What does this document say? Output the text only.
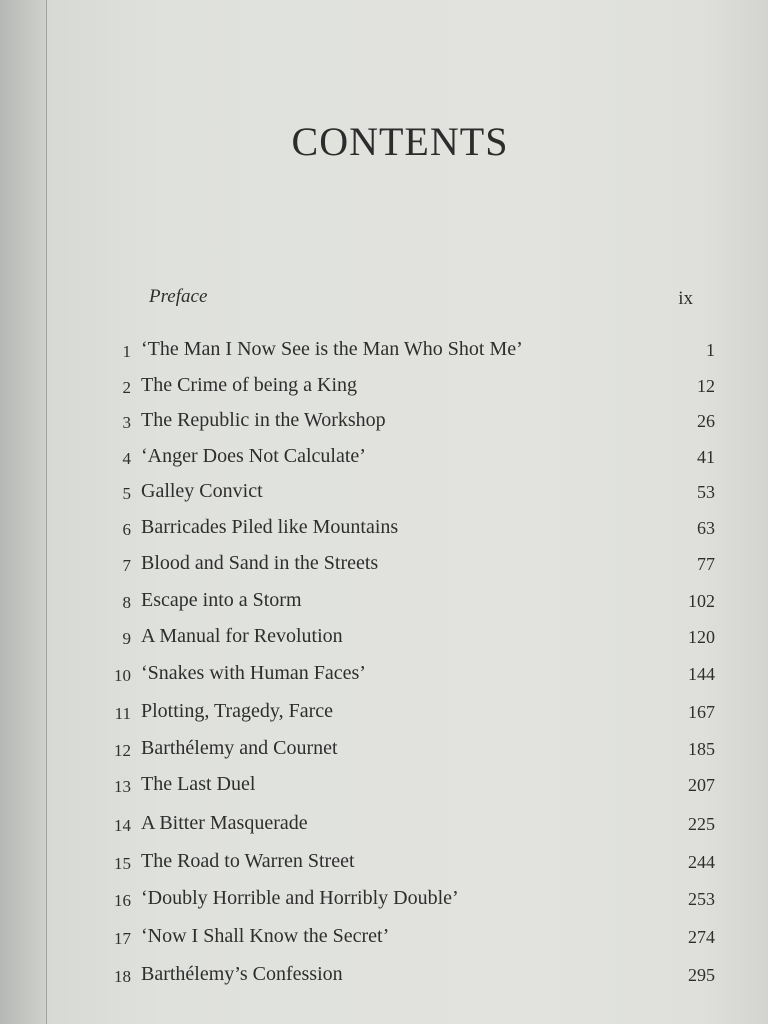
CONTENTS
Preface	ix
1 ‘The Man I Now See is the Man Who Shot Me’	1
2 The Crime of being a King	12
3 The Republic in the Workshop	26
4 ‘Anger Does Not Calculate’	41
5 Galley Convict	53
6 Barricades Piled like Mountains	63
7 Blood and Sand in the Streets	77
8 Escape into a Storm	102
9 A Manual for Revolution	120
10 ‘Snakes with Human Faces’	144
11 Plotting, Tragedy, Farce	167
12 Barthélemy and Cournet	185
13 The Last Duel	207
14 A Bitter Masquerade	225
15 The Road to Warren Street	244
16 ‘Doubly Horrible and Horribly Double’	253
17 ‘Now I Shall Know the Secret’	274
18 Barthélemy’s Confession	295
